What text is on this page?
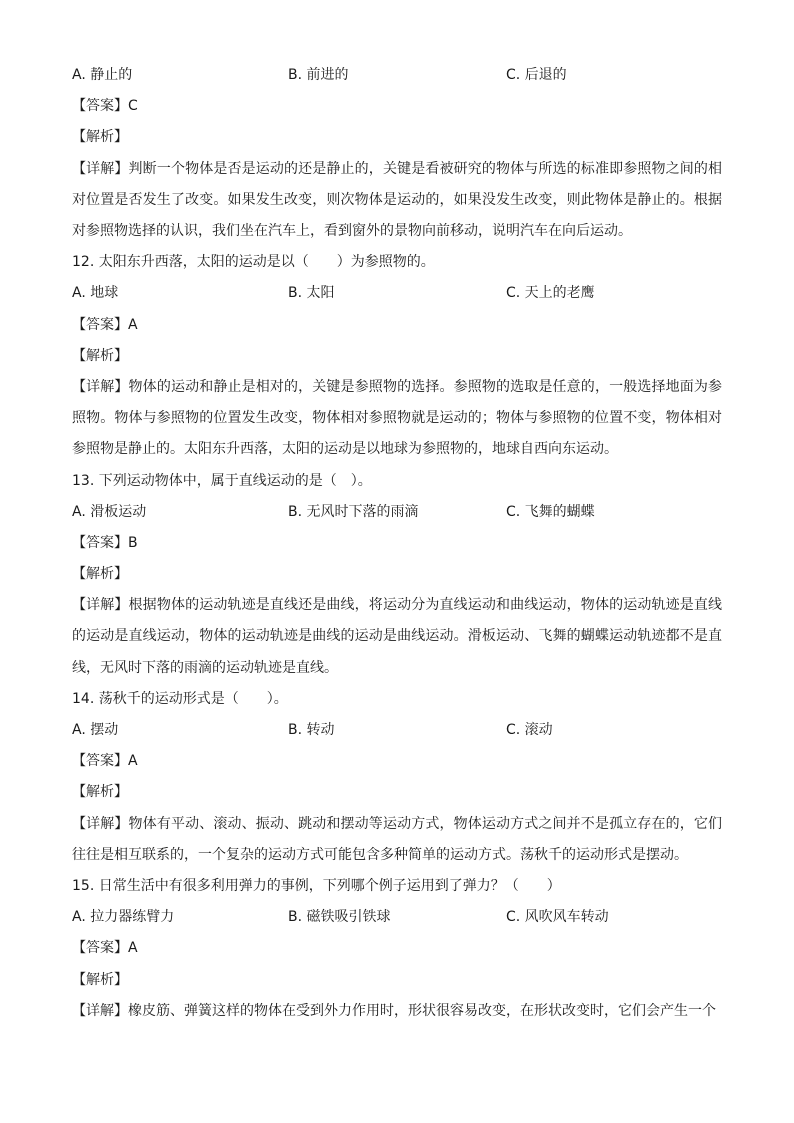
A. 静止的	B. 前进的	C. 后退的
【答案】C
【解析】
【详解】判断一个物体是否是运动的还是静止的，关键是看被研究的物体与所选的标准即参照物之间的相对位置是否发生了改变。如果发生改变，则次物体是运动的，如果没发生改变，则此物体是静止的。根据对参照物选择的认识，我们坐在汽车上，看到窗外的景物向前移动，说明汽车在向后运动。
12. 太阳东升西落，太阳的运动是以（　　）为参照物的。
A. 地球	B. 太阳	C. 天上的老鹰
【答案】A
【解析】
【详解】物体的运动和静止是相对的，关键是参照物的选择。参照物的选取是任意的，一般选择地面为参照物。物体与参照物的位置发生改变，物体相对参照物就是运动的；物体与参照物的位置不变，物体相对参照物是静止的。太阳东升西落，太阳的运动是以地球为参照物的，地球自西向东运动。
13. 下列运动物体中，属于直线运动的是（　）。
A. 滑板运动	B. 无风时下落的雨滴	C. 飞舞的蝴蝶
【答案】B
【解析】
【详解】根据物体的运动轨迹是直线还是曲线，将运动分为直线运动和曲线运动，物体的运动轨迹是直线的运动是直线运动，物体的运动轨迹是曲线的运动是曲线运动。滑板运动、飞舞的蝴蝶运动轨迹都不是直线，无风时下落的雨滴的运动轨迹是直线。
14. 荡秋千的运动形式是（　　）。
A. 摆动	B. 转动	C. 滚动
【答案】A
【解析】
【详解】物体有平动、滚动、振动、跳动和摆动等运动方式，物体运动方式之间并不是孤立存在的，它们往往是相互联系的，一个复杂的运动方式可能包含多种简单的运动方式。荡秋千的运动形式是摆动。
15. 日常生活中有很多利用弹力的事例，下列哪个例子运用到了弹力？（　　）
A. 拉力器练臂力	B. 磁铁吸引铁球	C. 风吹风车转动
【答案】A
【解析】
【详解】橡皮筋、弹簧这样的物体在受到外力作用时，形状很容易改变，在形状改变时，它们会产生一个
